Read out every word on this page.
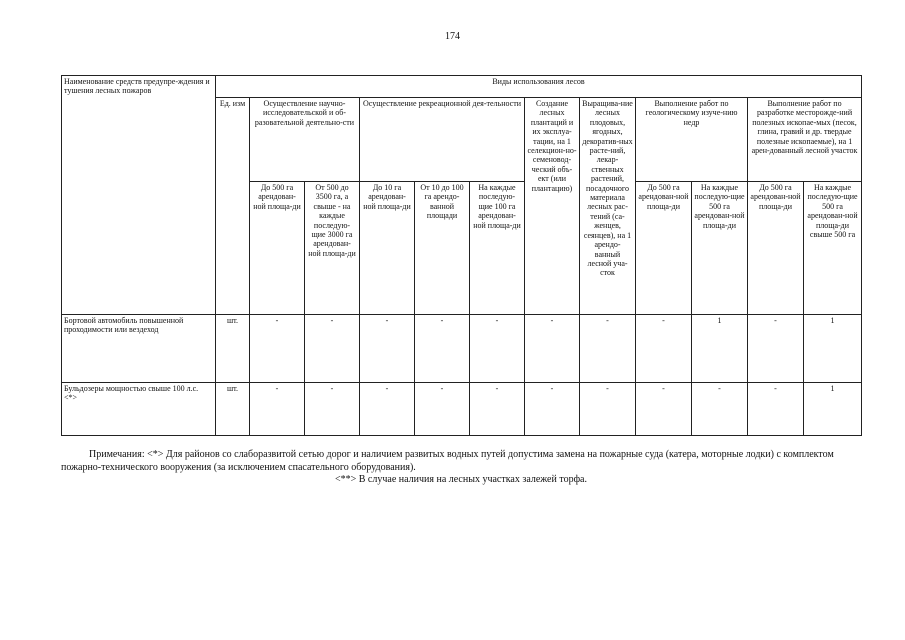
174
Наименование средств предупре-ждения и тушения лесных пожаров	Виды использования лесов											
	Ед. изм	Осуществление научно-исследовательской и об-разовательной деятельно-сти		Осуществление рекреационной дея-тельности			Создание лесных плантаций и их эксплуа-тации, на 1 селекцион-но-семеновод-ческий объ-ект (или плантацию)	Выращива-ние лесных плодовых, ягодных, декоратив-ных расте-ний, лекар-ственных растений, посадочного материала лесных рас-тений (са-женцев, сеянцев), на 1 арендо-ванный лесной уча-сток	Выполнение работ по геологическому изуче-нию недр		Выполнение работ по разработке месторожде-ний полезных ископае-мых (песок, глина, гравий и др. твердые полезные ископаемые), на 1 арен-дованный лесной участок	
		До 500 га арендован-ной площа-ди	От 500 до 3500 га, а свыше - на каждые последую-щие 3000 га арендован-ной площа-ди	До 10 га арендован-ной площа-ди	От 10 до 100 га арендо-ванной площади	На каждые последую-щие 100 га арендован-ной площа-ди			До 500 га арендован-ной площа-ди	На каждые последую-щие 500 га арендован-ной площа-ди	До 500 га арендован-ной площа-ди	На каждые последую-щие 500 га арендован-ной площа-ди свыше 500 га
Бортовой автомобиль повышенной проходимости или вездеход	шт.	-	-	-	-	-	-	-	-	1	-	1
Бульдозеры мощностью свыше 100 л.с. <*>	шт.	-	-	-	-	-	-	-	-	-	-	1

Примечания: <*> Для районов со слаборазвитой сетью дорог и наличием развитых водных путей допустима замена на пожарные суда (катера, моторные лодки) с комплектом пожарно-технического вооружения (за исключением спасательного оборудования).

<**> В случае наличия на лесных участках залежей торфа.
